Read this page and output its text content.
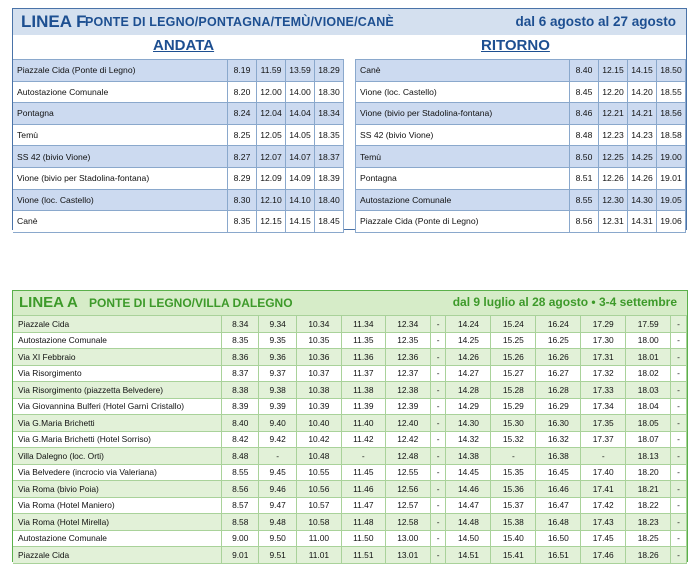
LINEA F
PONTE DI LEGNO/PONTAGNA/TEMÙ/VIONE/CANÈ	dal 6 agosto al 27 agosto
ANDATA	RITORNO
Piazzale Cida (Ponte di Legno)	8.19	11.59	13.59	18.29
Autostazione Comunale	8.20	12.00	14.00	18.30
Pontagna	8.24	12.04	14.04	18.34
Temù	8.25	12.05	14.05	18.35
SS 42 (bivio Vione)	8.27	12.07	14.07	18.37
Vione (bivio per Stadolina-fontana)	8.29	12.09	14.09	18.39
Vione (loc. Castello)	8.30	12.10	14.10	18.40
Canè	8.35	12.15	14.15	18.45
Canè	8.40	12.15	14.15	18.50
Vione (loc. Castello)	8.45	12.20	14.20	18.55
Vione (bivio per Stadolina-fontana)	8.46	12.21	14.21	18.56
SS 42 (bivio Vione)	8.48	12.23	14.23	18.58
Temù	8.50	12.25	14.25	19.00
Pontagna	8.51	12.26	14.26	19.01
Autostazione Comunale	8.55	12.30	14.30	19.05
Piazzale Cida (Ponte di Legno)	8.56	12.31	14.31	19.06
LINEA A PONTE DI LEGNO/VILLA DALEGNO	dal 9 luglio al 28 agosto • 3-4 settembre
Piazzale Cida	8.34	9.34	10.34	11.34	12.34	-	14.24	15.24	16.24	17.29	17.59	-
Autostazione Comunale	8.35	9.35	10.35	11.35	12.35	-	14.25	15.25	16.25	17.30	18.00	-
Via XI Febbraio	8.36	9.36	10.36	11.36	12.36	-	14.26	15.26	16.26	17.31	18.01	-
Via Risorgimento	8.37	9.37	10.37	11.37	12.37	-	14.27	15.27	16.27	17.32	18.02	-
Via Risorgimento (piazzetta Belvedere)	8.38	9.38	10.38	11.38	12.38	-	14.28	15.28	16.28	17.33	18.03	-
Via Giovannina Bulferi (Hotel Garnì Cristallo)	8.39	9.39	10.39	11.39	12.39	-	14.29	15.29	16.29	17.34	18.04	-
Via G.Maria Brichetti	8.40	9.40	10.40	11.40	12.40	-	14.30	15.30	16.30	17.35	18.05	-
Via G.Maria Brichetti (Hotel Sorriso)	8.42	9.42	10.42	11.42	12.42	-	14.32	15.32	16.32	17.37	18.07	-
Villa Dalegno (loc. Orti)	8.48	-	10.48	-	12.48	-	14.38	-	16.38	-	18.13	-
Via Belvedere (incrocio via Valeriana)	8.55	9.45	10.55	11.45	12.55	-	14.45	15.35	16.45	17.40	18.20	-
Via Roma (bivio Poia)	8.56	9.46	10.56	11.46	12.56	-	14.46	15.36	16.46	17.41	18.21	-
Via Roma (Hotel Maniero)	8.57	9.47	10.57	11.47	12.57	-	14.47	15.37	16.47	17.42	18.22	-
Via Roma (Hotel Mirella)	8.58	9.48	10.58	11.48	12.58	-	14.48	15.38	16.48	17.43	18.23	-
Autostazione Comunale	9.00	9.50	11.00	11.50	13.00	-	14.50	15.40	16.50	17.45	18.25	-
Piazzale Cida	9.01	9.51	11.01	11.51	13.01	-	14.51	15.41	16.51	17.46	18.26	-
